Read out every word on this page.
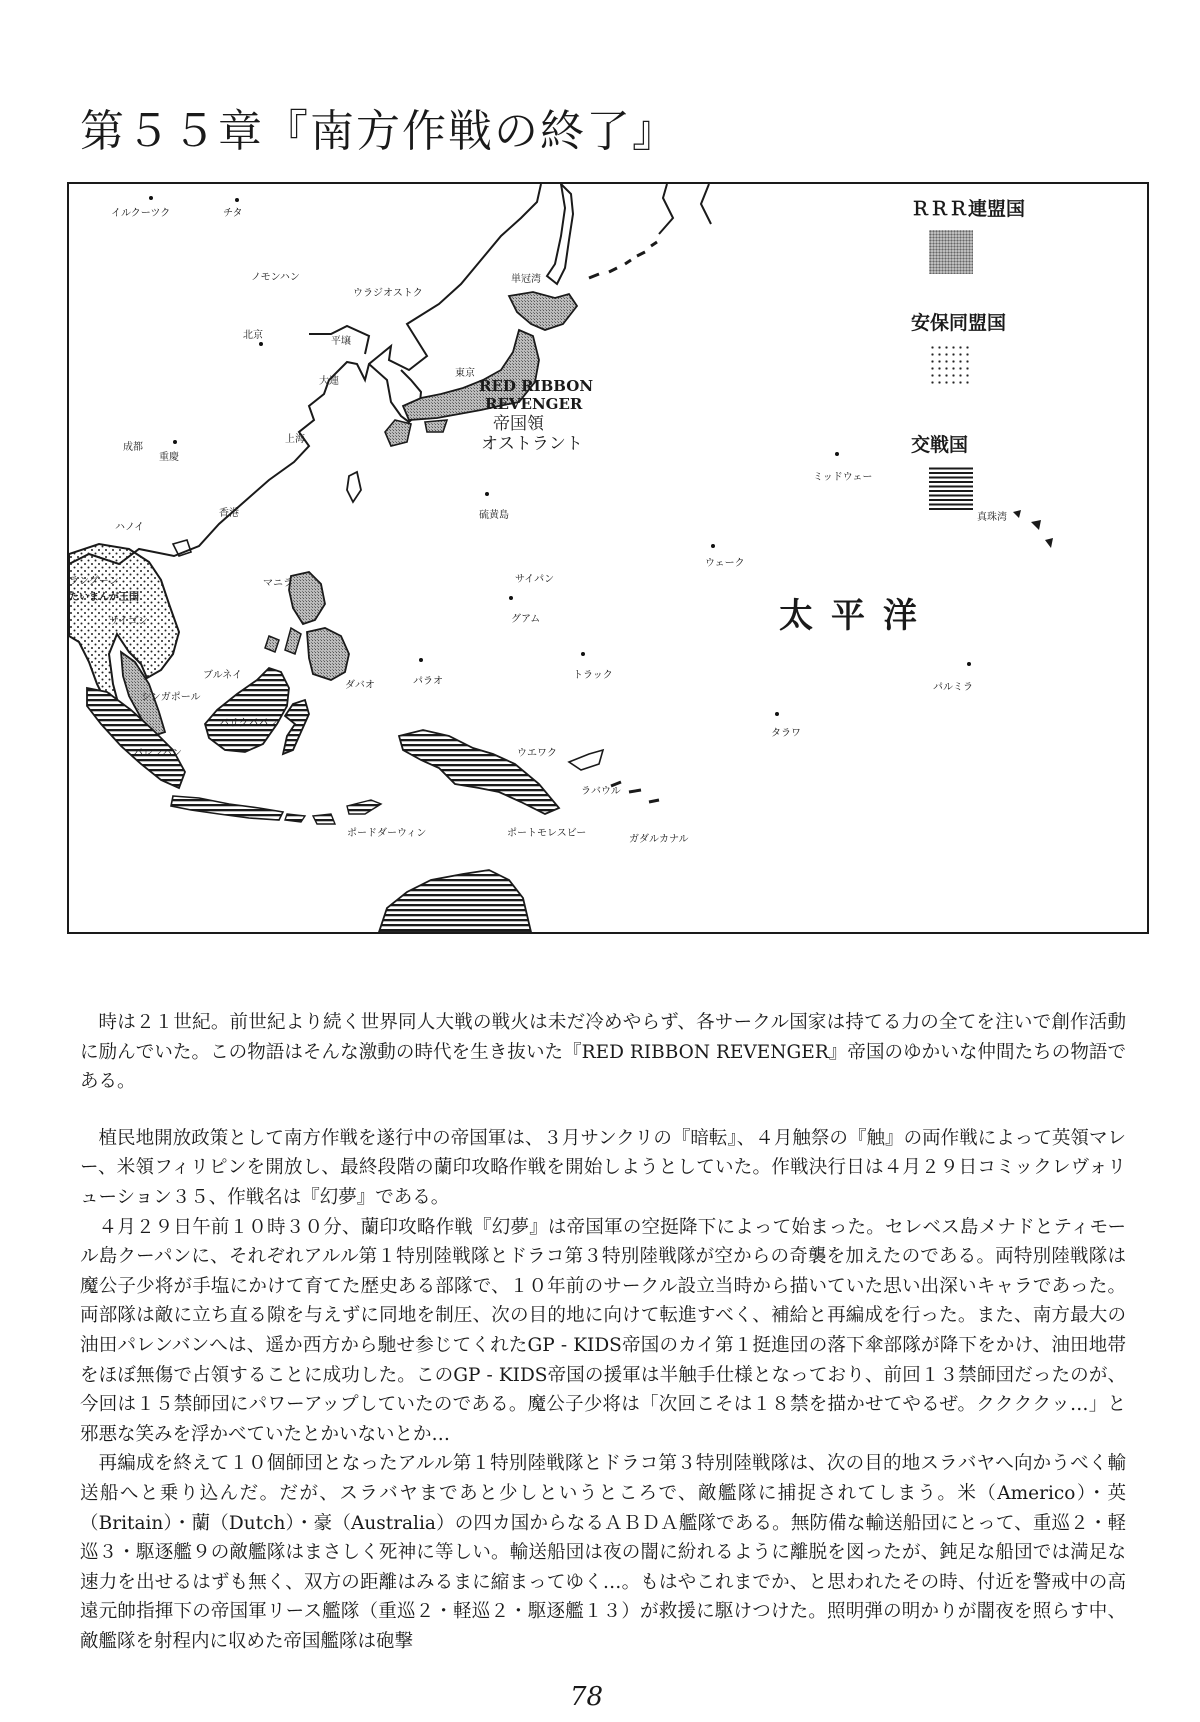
第５５章『南方作戦の終了』
イルクーツク	チタ
ノモンハン
ウラジオストク
単冠湾
北京
平壌
大連
東京
上海
成都
重慶
香港	硫黄島
ミッドウェー
真珠湾
ハノイ
ラングーン
たいまんが王国
サイゴン
マニラ
ウェーク
サイパン
グアム
ブルネイ
シンガポール
ダバオ	パラオ
トラック
パルミラ
バリクパパン
タラワ
パレンバン	ウエワク
ラバウル
ポードダーウィン	ポートモレスビー
ガダルカナル
RED RIBBON
REVENGER
帝国領
オストラント
太平洋
ＲＲＲ連盟国
安保同盟国
交戦国

時は２１世紀。前世紀より続く世界同人大戦の戦火は未だ冷めやらず、各サークル国家は持てる力の全てを注いで創作活動に励んでいた。この物語はそんな激動の時代を生き抜いた『RED RIBBON REVENGER』帝国のゆかいな仲間たちの物語である。

植民地開放政策として南方作戦を遂行中の帝国軍は、３月サンクリの『暗転』、４月触祭の『触』の両作戦によって英領マレー、米領フィリピンを開放し、最終段階の蘭印攻略作戦を開始しようとしていた。作戦決行日は４月２９日コミックレヴォリューション３５、作戦名は『幻夢』である。

４月２９日午前１０時３０分、蘭印攻略作戦『幻夢』は帝国軍の空挺降下によって始まった。セレベス島メナドとティモール島クーパンに、それぞれアルル第１特別陸戦隊とドラコ第３特別陸戦隊が空からの奇襲を加えたのである。両特別陸戦隊は魔公子少将が手塩にかけて育てた歴史ある部隊で、１０年前のサークル設立当時から描いていた思い出深いキャラであった。両部隊は敵に立ち直る隙を与えずに同地を制圧、次の目的地に向けて転進すべく、補給と再編成を行った。また、南方最大の油田パレンバンへは、遥か西方から馳せ参じてくれたGP - KIDS帝国のカイ第１挺進団の落下傘部隊が降下をかけ、油田地帯をほぼ無傷で占領することに成功した。このGP - KIDS帝国の援軍は半触手仕様となっており、前回１３禁師団だったのが、今回は１５禁師団にパワーアップしていたのである。魔公子少将は「次回こそは１８禁を描かせてやるぜ。ククククッ…」と邪悪な笑みを浮かべていたとかいないとか…

再編成を終えて１０個師団となったアルル第１特別陸戦隊とドラコ第３特別陸戦隊は、次の目的地スラバヤへ向かうべく輸送船へと乗り込んだ。だが、スラバヤまであと少しというところで、敵艦隊に捕捉されてしまう。米（Americo）・英（Britain）・蘭（Dutch）・豪（Australia）の四カ国からなるＡＢＤＡ艦隊である。無防備な輸送船団にとって、重巡２・軽巡３・駆逐艦９の敵艦隊はまさしく死神に等しい。輸送船団は夜の闇に紛れるように離脱を図ったが、鈍足な船団では満足な速力を出せるはずも無く、双方の距離はみるまに縮まってゆく…。もはやこれまでか、と思われたその時、付近を警戒中の高遠元帥指揮下の帝国軍リース艦隊（重巡２・軽巡２・駆逐艦１３）が救援に駆けつけた。照明弾の明かりが闇夜を照らす中、敵艦隊を射程内に収めた帝国艦隊は砲撃

78
